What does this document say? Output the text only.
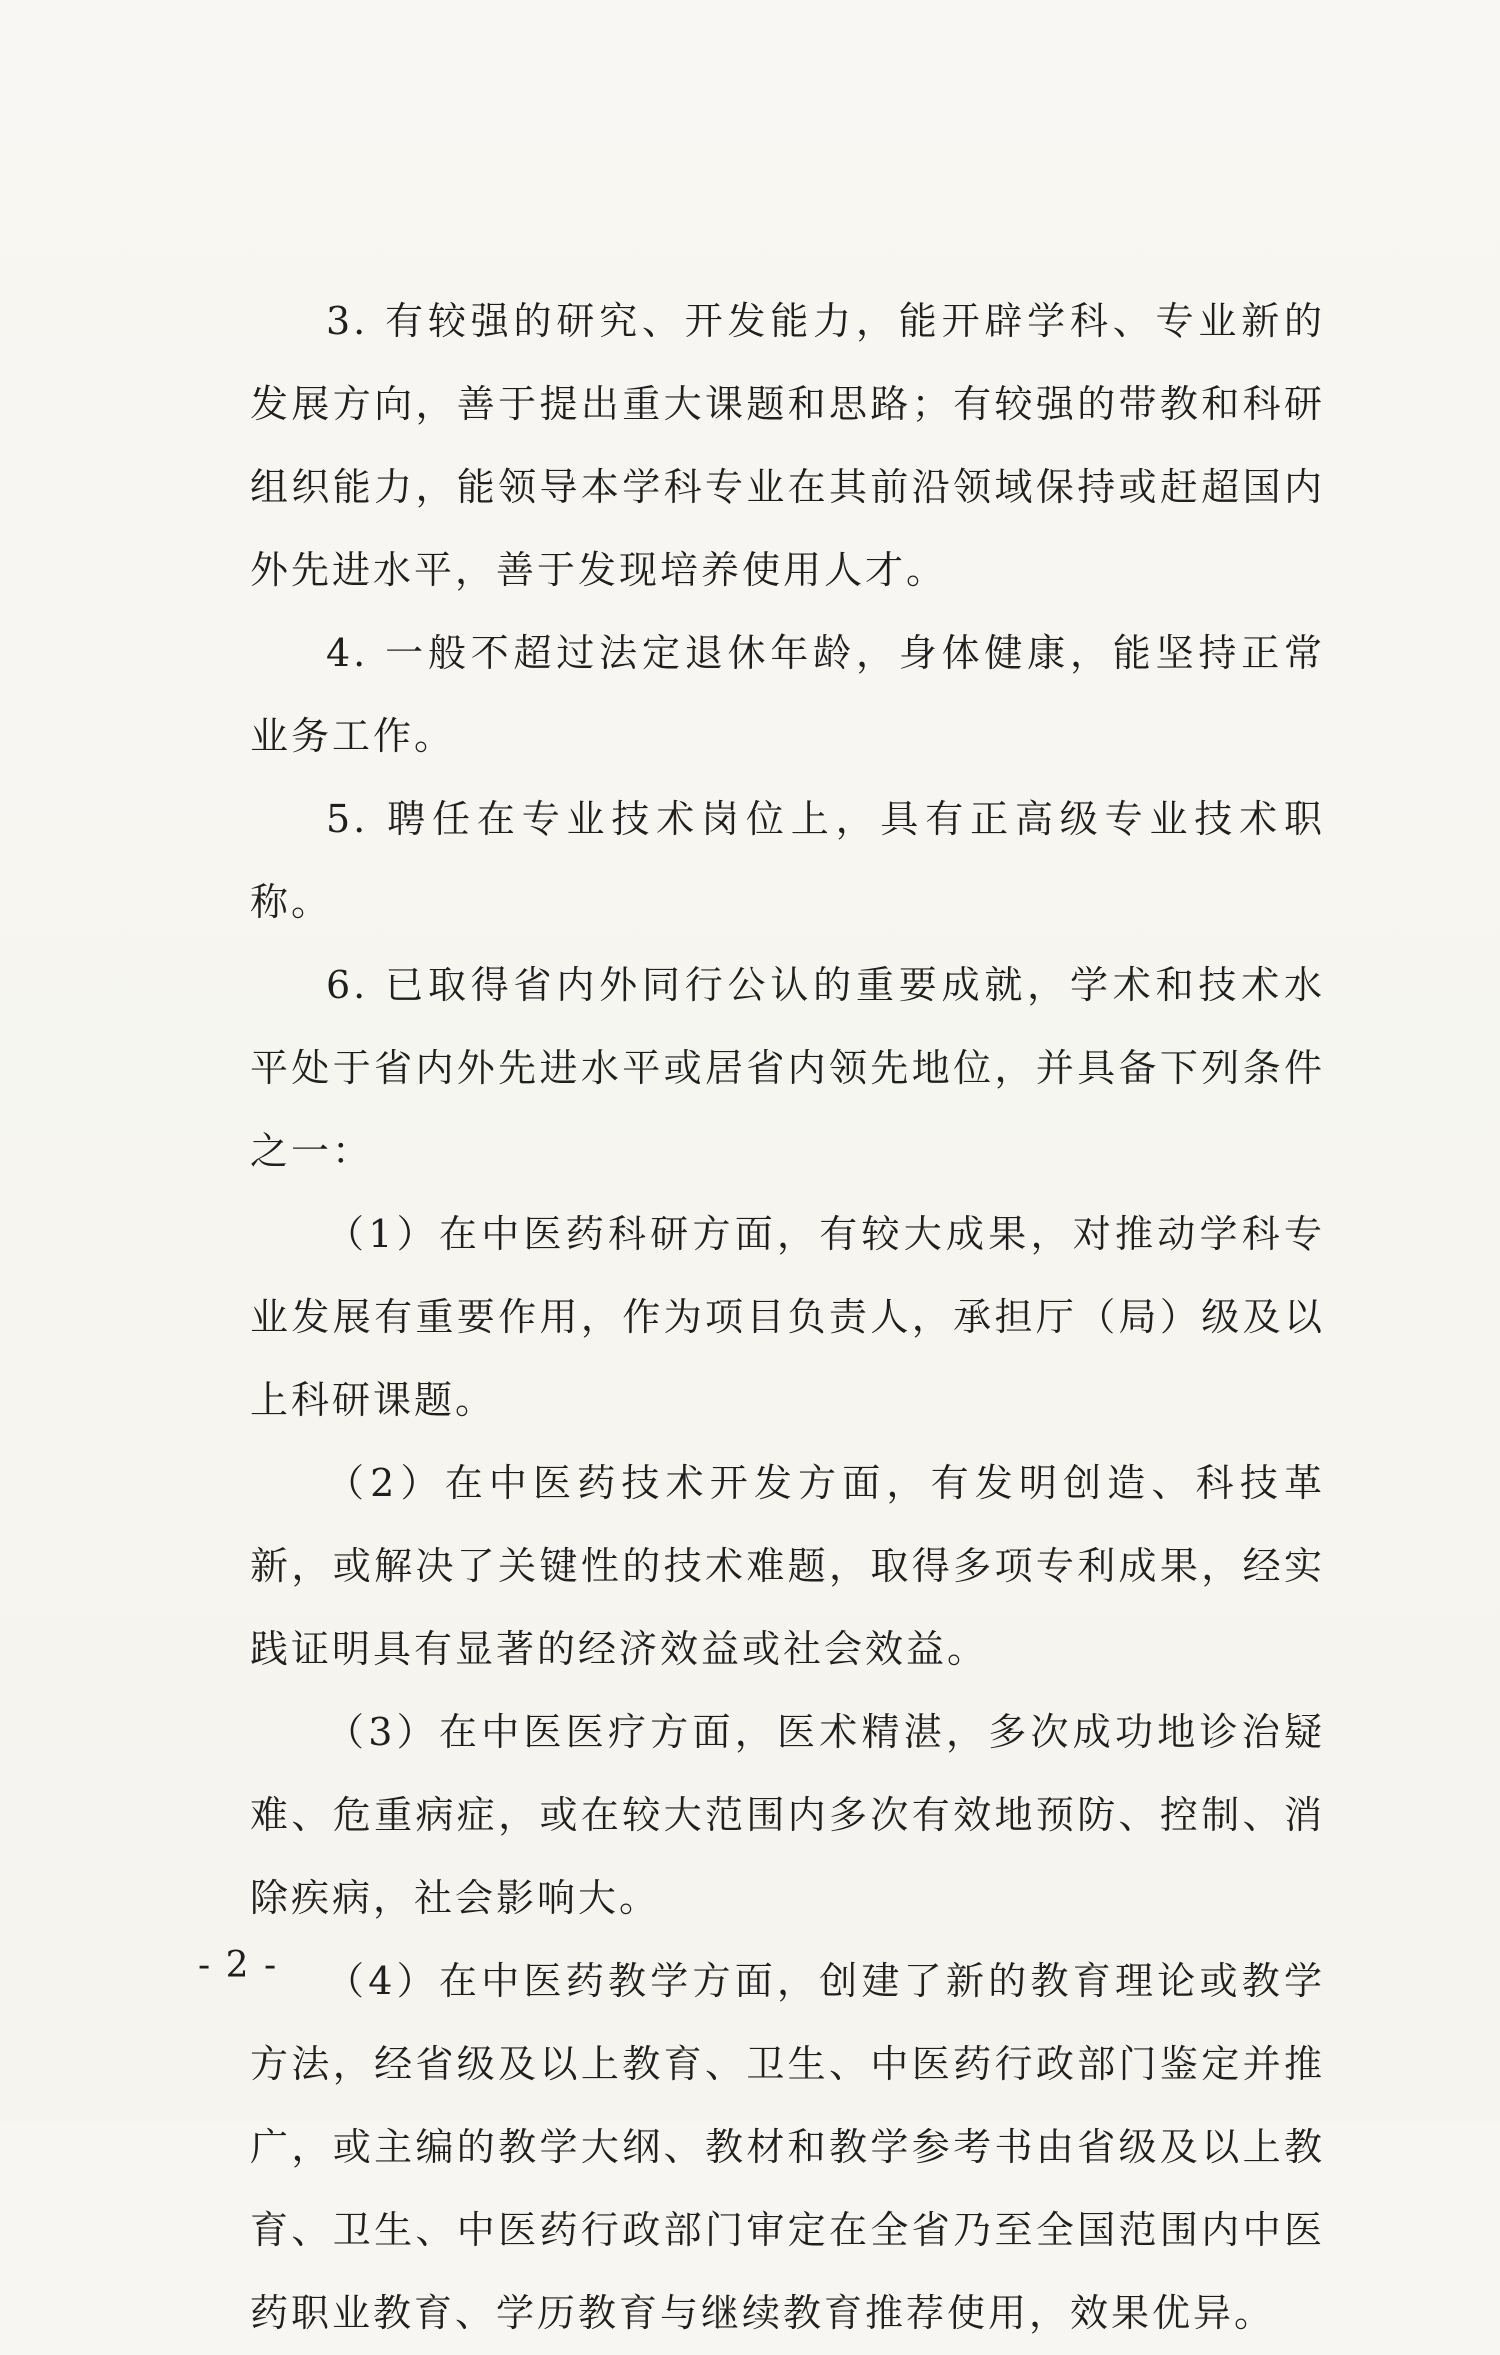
3. 有较强的研究、开发能力，能开辟学科、专业新的发展方向，善于提出重大课题和思路；有较强的带教和科研组织能力，能领导本学科专业在其前沿领域保持或赶超国内外先进水平，善于发现培养使用人才。

4. 一般不超过法定退休年龄，身体健康，能坚持正常业务工作。

5. 聘任在专业技术岗位上，具有正高级专业技术职称。

6. 已取得省内外同行公认的重要成就，学术和技术水平处于省内外先进水平或居省内领先地位，并具备下列条件之一：

（1）在中医药科研方面，有较大成果，对推动学科专业发展有重要作用，作为项目负责人，承担厅（局）级及以上科研课题。

（2）在中医药技术开发方面，有发明创造、科技革新，或解决了关键性的技术难题，取得多项专利成果，经实践证明具有显著的经济效益或社会效益。

（3）在中医医疗方面，医术精湛，多次成功地诊治疑难、危重病症，或在较大范围内多次有效地预防、控制、消除疾病，社会影响大。

（4）在中医药教学方面，创建了新的教育理论或教学方法，经省级及以上教育、卫生、中医药行政部门鉴定并推广，或主编的教学大纲、教材和教学参考书由省级及以上教育、卫生、中医药行政部门审定在全省乃至全国范围内中医药职业教育、学历教育与继续教育推荐使用，效果优异。

- 2 -
